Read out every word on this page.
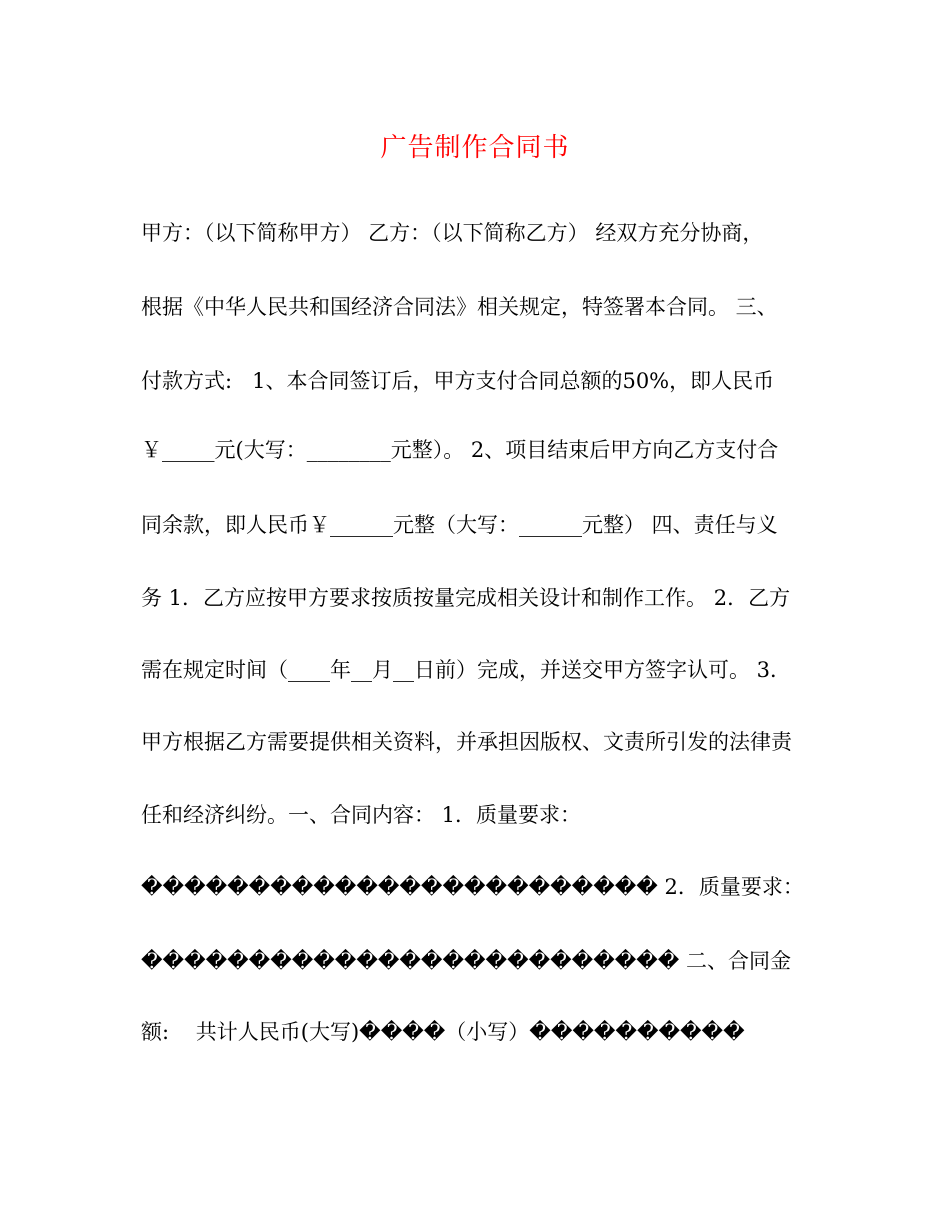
广告制作合同书
甲方：（以下简称甲方） 乙方：（以下简称乙方） 经双方充分协商，
根据《中华人民共和国经济合同法》相关规定，特签署本合同。 三、
付款方式:   1、本合同签订后，甲方支付合同总额的50%，即人民币
￥_____元(大写：________元整）。 2、项目结束后甲方向乙方支付合
同余款，即人民币￥______元整（大写：______元整） 四、责任与义
务 1．乙方应按甲方要求按质按量完成相关设计和制作工作。 2．乙方
需在规定时间（____年__月__日前）完成，并送交甲方签字认可。 3．
甲方根据乙方需要提供相关资料，并承担因版权、文责所引发的法律责
任和经济纠纷。一、合同内容： 1．质量要求：
������������������������ 2．质量要求：
������������������������� 二、合同金
额:    共计人民币(大写)����（小写）����������
